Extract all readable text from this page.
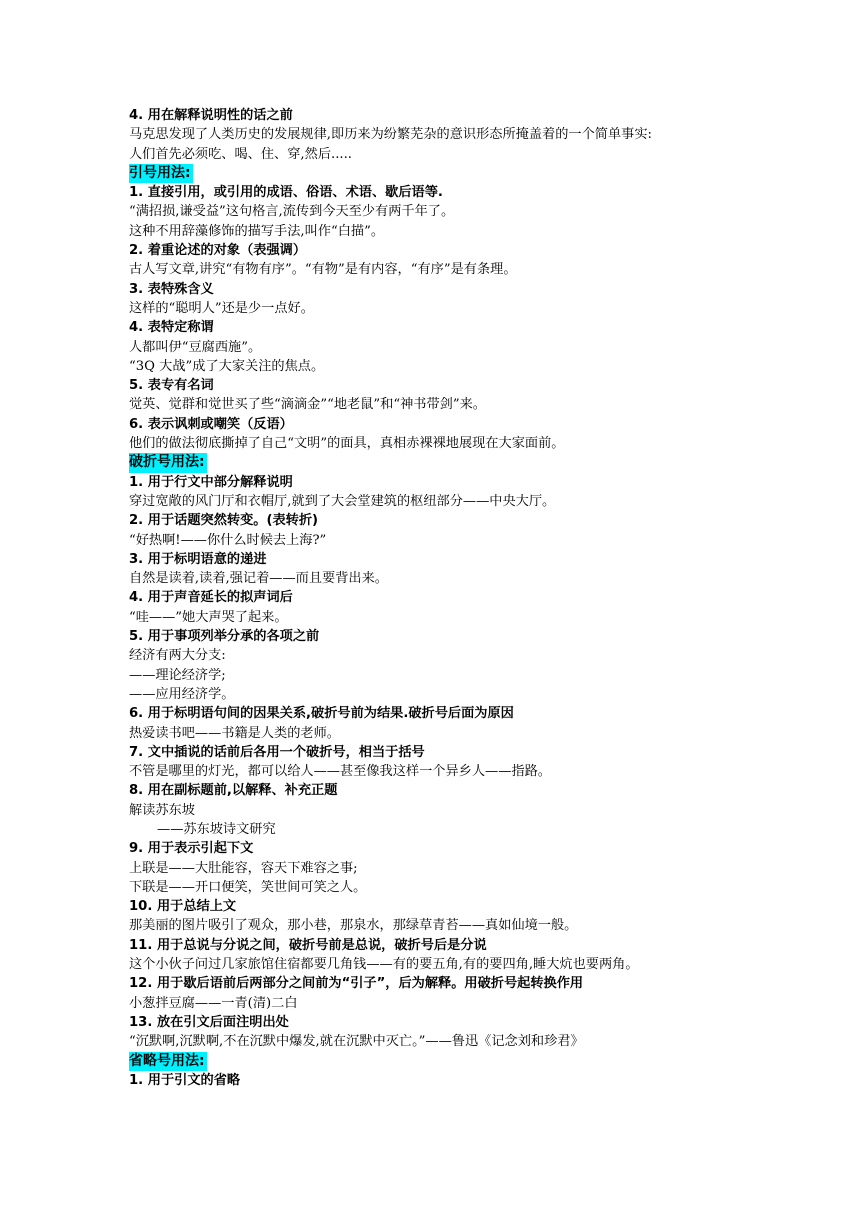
4. 用在解释说明性的话之前
马克思发现了人类历史的发展规律,即历来为纷繁芜杂的意识形态所掩盖着的一个简单事实:
人们首先必须吃、喝、住、穿,然后.....
引号用法:
1. 直接引用，或引用的成语、俗语、术语、歇后语等.
“满招损,谦受益”这句格言,流传到今天至少有两千年了。
这种不用辞藻修饰的描写手法,叫作“白描”。
2. 着重论述的对象（表强调）
古人写文章,讲究“有物有序”。“有物”是有内容，“有序”是有条理。
3. 表特殊含义
这样的“聪明人”还是少一点好。
4. 表特定称谓
人都叫伊“豆腐西施”。
“3Q 大战”成了大家关注的焦点。
5. 表专有名词
觉英、觉群和觉世买了些“滴滴金”“地老鼠”和“神书带剑”来。
6. 表示讽刺或嘲笑（反语）
他们的做法彻底撕掉了自己“文明”的面具，真相赤裸裸地展现在大家面前。
破折号用法:
1. 用于行文中部分解释说明
穿过宽敞的风门厅和衣帽厅,就到了大会堂建筑的枢纽部分——中央大厅。
2. 用于话题突然转变。(表转折)
“好热啊!——你什么时候去上海?”
3. 用于标明语意的递进
自然是读着,读着,强记着——而且要背出来。
4. 用于声音延长的拟声词后
“哇——”她大声哭了起来。
5. 用于事项列举分承的各项之前
经济有两大分支:
——理论经济学;
——应用经济学。
6. 用于标明语句间的因果关系,破折号前为结果.破折号后面为原因
热爱读书吧——书籍是人类的老师。
7. 文中插说的话前后各用一个破折号，相当于括号
不管是哪里的灯光，都可以给人——甚至像我这样一个异乡人——指路。
8. 用在副标题前,以解释、补充正题
解读苏东坡
——苏东坡诗文研究
9. 用于表示引起下文
上联是——大肚能容，容天下难容之事;
下联是——开口便笑，笑世间可笑之人。
10. 用于总结上文
那美丽的图片吸引了观众，那小巷，那泉水，那绿草青苔——真如仙境一般。
11. 用于总说与分说之间，破折号前是总说，破折号后是分说
这个小伙子问过几家旅馆住宿都要几角钱——有的要五角,有的要四角,睡大炕也要两角。
12. 用于歇后语前后两部分之间前为“引子”，后为解释。用破折号起转换作用
小葱拌豆腐——一青(清)二白
13. 放在引文后面注明出处
“沉默啊,沉默啊,不在沉默中爆发,就在沉默中灭亡。”——鲁迅《记念刘和珍君》
省略号用法:
1. 用于引文的省略
